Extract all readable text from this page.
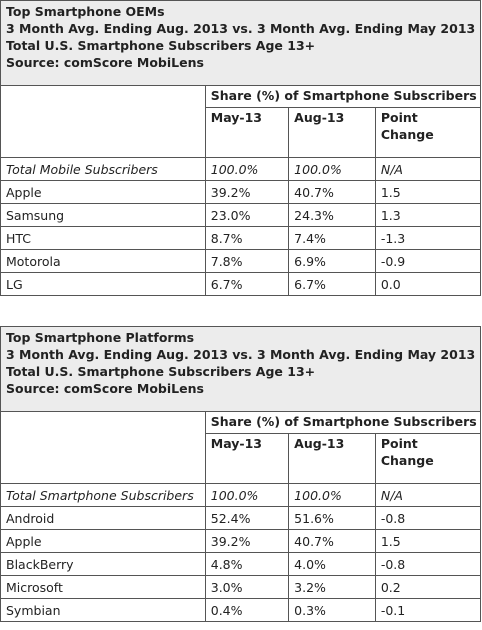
Top Smartphone OEMs
3 Month Avg. Ending Aug. 2013 vs. 3 Month Avg. Ending May 2013
Total U.S. Smartphone Subscribers Age 13+
Source: comScore MobiLens			

	Share (%) of Smartphone Subscribers		
	May-13	Aug-13	Point
Change

Total Mobile Subscribers	100.0%	100.0%	N/A
Apple	39.2%	40.7%	1.5
Samsung	23.0%	24.3%	1.3
HTC	8.7%	7.4%	-1.3
Motorola	7.8%	6.9%	-0.9
LG	6.7%	6.7%	0.0
Top Smartphone Platforms
3 Month Avg. Ending Aug. 2013 vs. 3 Month Avg. Ending May 2013
Total U.S. Smartphone Subscribers Age 13+
Source: comScore MobiLens			

	Share (%) of Smartphone Subscribers		
	May-13	Aug-13	Point
Change

Total Smartphone Subscribers	100.0%	100.0%	N/A
Android	52.4%	51.6%	-0.8
Apple	39.2%	40.7%	1.5
BlackBerry	4.8%	4.0%	-0.8
Microsoft	3.0%	3.2%	0.2
Symbian	0.4%	0.3%	-0.1
